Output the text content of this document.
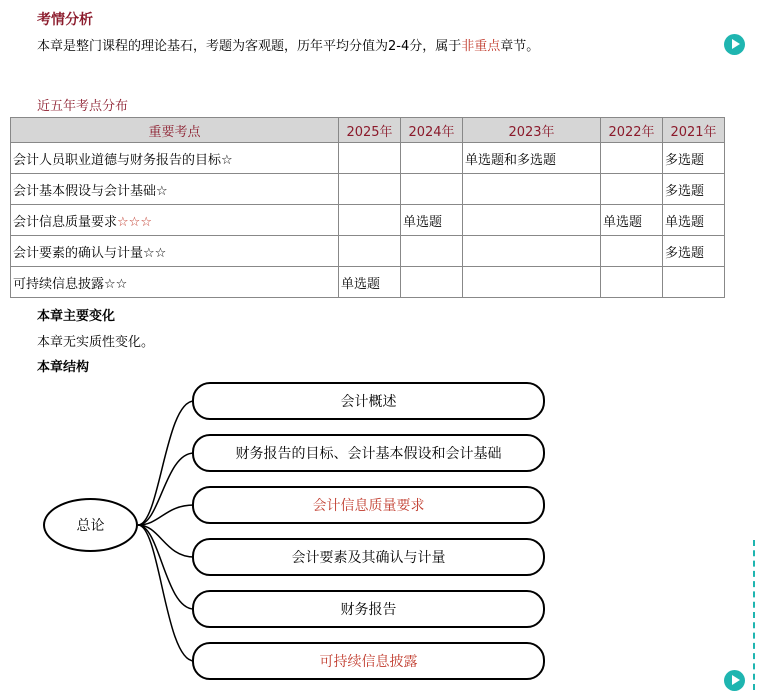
考情分析
本章是整门课程的理论基石，考题为客观题，历年平均分值为2-4分，属于非重点章节。
近五年考点分布
重要考点	2025年	2024年	2023年	2022年	2021年
会计人员职业道德与财务报告的目标☆			单选题和多选题		多选题
会计基本假设与会计基础☆					多选题
会计信息质量要求☆☆☆		单选题		单选题	单选题
会计要素的确认与计量☆☆					多选题
可持续信息披露☆☆	单选题				
本章主要变化
本章无实质性变化。
本章结构
总论
会计概述
财务报告的目标、会计基本假设和会计基础
会计信息质量要求
会计要素及其确认与计量
财务报告
可持续信息披露
